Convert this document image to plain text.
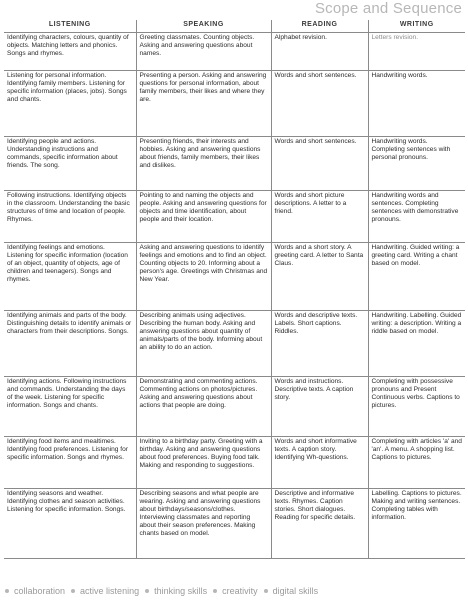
Scope and Sequence
LISTENING	SPEAKING	READING	WRITING
Identifying characters, colours, quantity of objects. Matching letters and phonics. Songs and rhymes.	Greeting classmates. Counting objects. Asking and answering questions about names.	Alphabet revision.	Letters revision.
Listening for personal information. Identifying family members. Listening for specific information (places, jobs). Songs and chants.	Presenting a person. Asking and answering questions for personal information, about family members, their likes and where they are.	Words and short sentences.	Handwriting words.
Identifying people and actions. Understanding instructions and commands, specific information about friends. The song.	Presenting friends, their interests and hobbies. Asking and answering questions about friends, family members, their likes and dislikes.	Words and short sentences.	Handwriting words. Completing sentences with personal pronouns.
Following instructions. Identifying objects in the classroom. Understanding the basic structures of time and location of people. Rhymes.	Pointing to and naming the objects and people. Asking and answering questions for objects and time identification, about people and their location.	Words and short picture descriptions. A letter to a friend.	Handwriting words and sentences. Completing sentences with demonstrative pronouns.
Identifying feelings and emotions. Listening for specific information (location of an object, quantity of objects, age of children and teenagers). Songs and rhymes.	Asking and answering questions to identify feelings and emotions and to find an object. Counting objects to 20. Informing about a person's age. Greetings with Christmas and New Year.	Words and a short story. A greeting card. A letter to Santa Claus.	Handwriting. Guided writing: a greeting card. Writing a chant based on model.
Identifying animals and parts of the body. Distinguishing details to identify animals or characters from their descriptions. Songs.	Describing animals using adjectives. Describing the human body. Asking and answering questions about quantity of animals/parts of the body. Informing about an ability to do an action.	Words and descriptive texts. Labels. Short captions. Riddles.	Handwriting. Labelling. Guided writing: a description. Writing a riddle based on model.
Identifying actions. Following instructions and commands. Understanding the days of the week. Listening for specific information. Songs and chants.	Demonstrating and commenting actions. Commenting actions on photos/pictures. Asking and answering questions about actions that people are doing.	Words and instructions. Descriptive texts. A caption story.	Completing with possessive pronouns and Present Continuous verbs. Captions to pictures.
Identifying food items and mealtimes. Identifying food preferences. Listening for specific information. Songs and rhymes.	Inviting to a birthday party. Greeting with a birthday. Asking and answering questions about food preferences. Buying food talk. Making and responding to suggestions.	Words and short informative texts. A caption story. Identifying Wh-questions.	Completing with articles 'a' and 'an'. A menu. A shopping list. Captions to pictures.
Identifying seasons and weather. Identifying clothes and season activities. Listening for specific information. Songs.	Describing seasons and what people are wearing. Asking and answering questions about birthdays/seasons/clothes. Interviewing classmates and reporting about their season preferences. Making chants based on model.	Descriptive and informative texts. Rhymes. Caption stories. Short dialogues. Reading for specific details.	Labelling. Captions to pictures. Making and writing sentences. Completing tables with information.
collaboration active listening thinking skills creativity digital skills
